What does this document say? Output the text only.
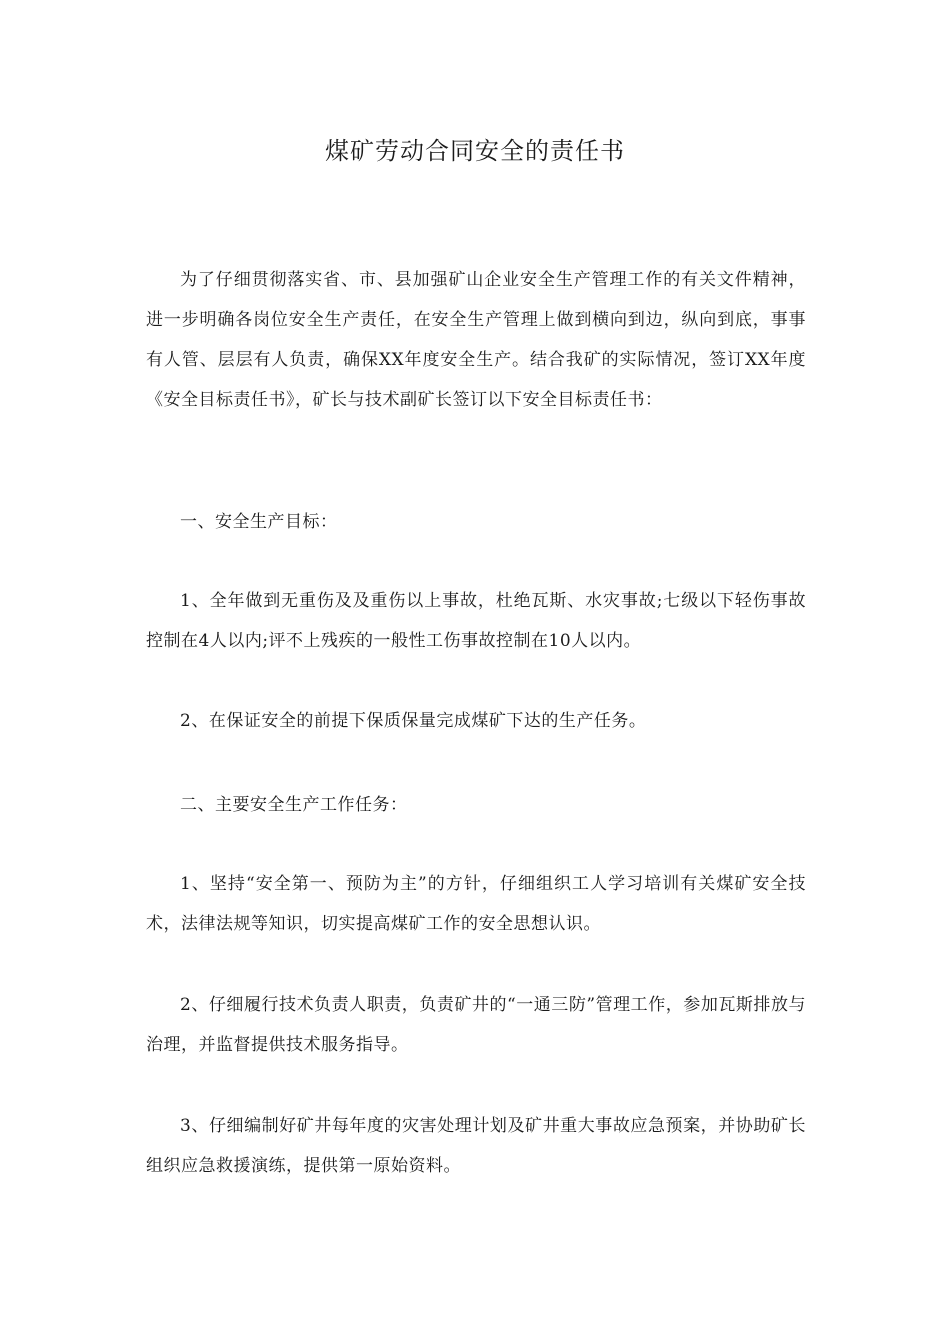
煤矿劳动合同安全的责任书

为了仔细贯彻落实省、市、县加强矿山企业安全生产管理工作的有关文件精神，进一步明确各岗位安全生产责任，在安全生产管理上做到横向到边，纵向到底，事事有人管、层层有人负责，确保XX年度安全生产。结合我矿的实际情况，签订XX年度《安全目标责任书》，矿长与技术副矿长签订以下安全目标责任书：

一、安全生产目标：

1、全年做到无重伤及及重伤以上事故，杜绝瓦斯、水灾事故;七级以下轻伤事故控制在4人以内;评不上残疾的一般性工伤事故控制在10人以内。

2、在保证安全的前提下保质保量完成煤矿下达的生产任务。

二、主要安全生产工作任务：

1、坚持“安全第一、预防为主”的方针，仔细组织工人学习培训有关煤矿安全技术，法律法规等知识，切实提高煤矿工作的安全思想认识。

2、仔细履行技术负责人职责，负责矿井的“一通三防”管理工作，参加瓦斯排放与治理，并监督提供技术服务指导。

3、仔细编制好矿井每年度的灾害处理计划及矿井重大事故应急预案，并协助矿长组织应急救援演练，提供第一原始资料。
